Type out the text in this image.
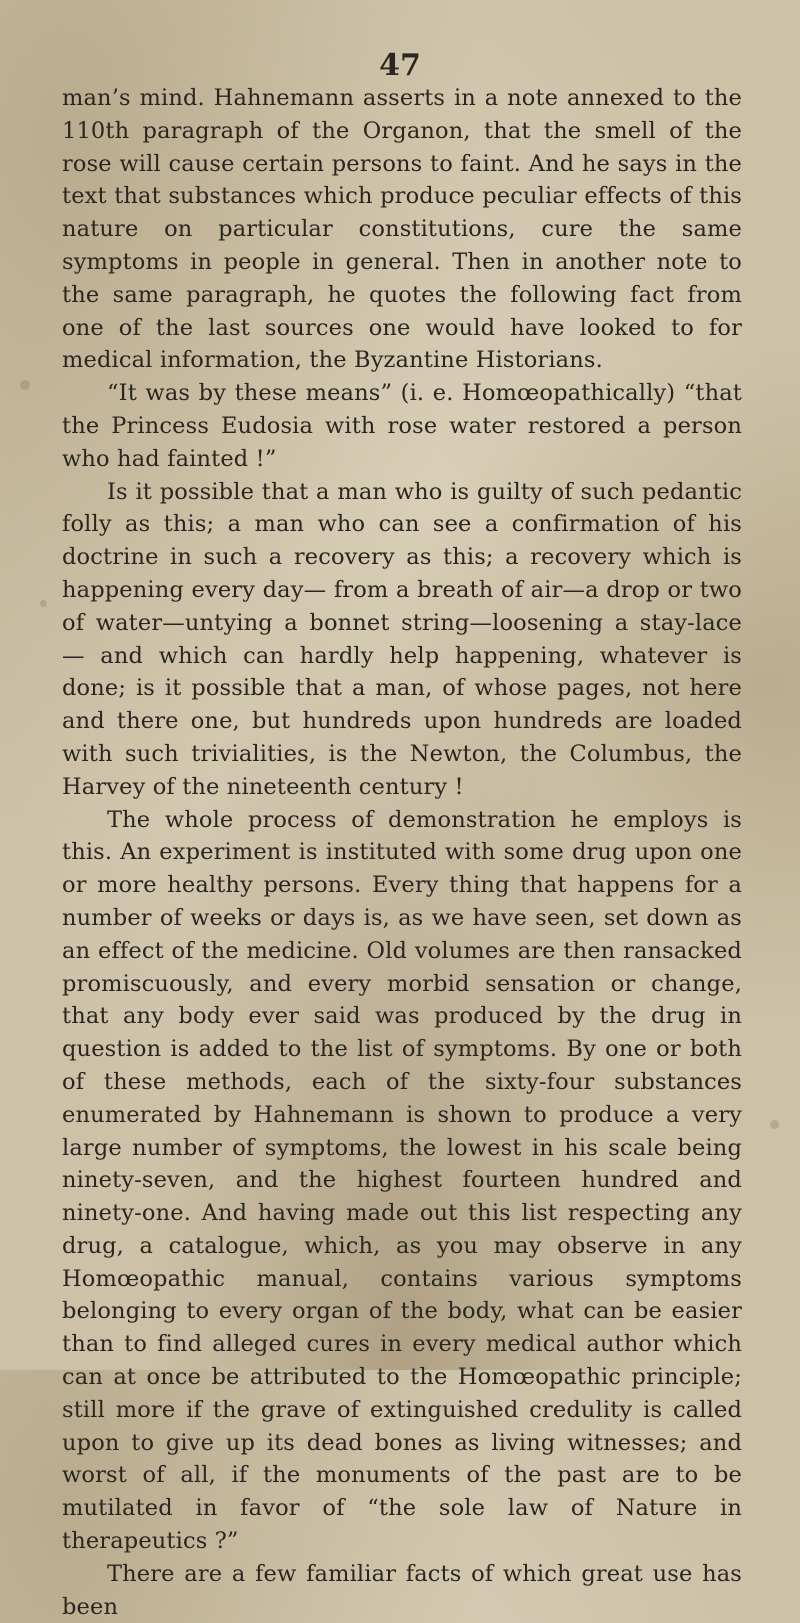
47

man’s mind. Hahnemann asserts in a note annexed to the 110th paragraph of the Organon, that the smell of the rose will cause certain persons to faint. And he says in the text that substances which produce peculiar effects of this nature on particular constitutions, cure the same symptoms in people in general. Then in another note to the same paragraph, he quotes the following fact from one of the last sources one would have looked to for medical information, the Byzantine Historians.

“It was by these means” (i. e. Homœopathically) “that the Princess Eudosia with rose water restored a person who had fainted !”

Is it possible that a man who is guilty of such pedantic folly as this; a man who can see a confirmation of his doctrine in such a recovery as this; a recovery which is happening every day— from a breath of air—a drop or two of water—untying a bonnet string—loosening a stay-lace — and which can hardly help happening, whatever is done; is it possible that a man, of whose pages, not here and there one, but hundreds upon hundreds are loaded with such trivialities, is the Newton, the Columbus, the Harvey of the nineteenth century !

The whole process of demonstration he employs is this. An experiment is instituted with some drug upon one or more healthy persons. Every thing that happens for a number of weeks or days is, as we have seen, set down as an effect of the medicine. Old volumes are then ransacked promiscuously, and every morbid sensation or change, that any body ever said was produced by the drug in question is added to the list of symptoms. By one or both of these methods, each of the sixty-four substances enumerated by Hahnemann is shown to produce a very large number of symptoms, the lowest in his scale being ninety-seven, and the highest fourteen hundred and ninety-one. And having made out this list respecting any drug, a catalogue, which, as you may observe in any Homœopathic manual, contains various symptoms belonging to every organ of the body, what can be easier than to find alleged cures in every medical author which can at once be attributed to the Homœopathic principle; still more if the grave of extinguished credulity is called upon to give up its dead bones as living witnesses; and worst of all, if the monuments of the past are to be mutilated in favor of “the sole law of Nature in therapeutics ?”

There are a few familiar facts of which great use has been
